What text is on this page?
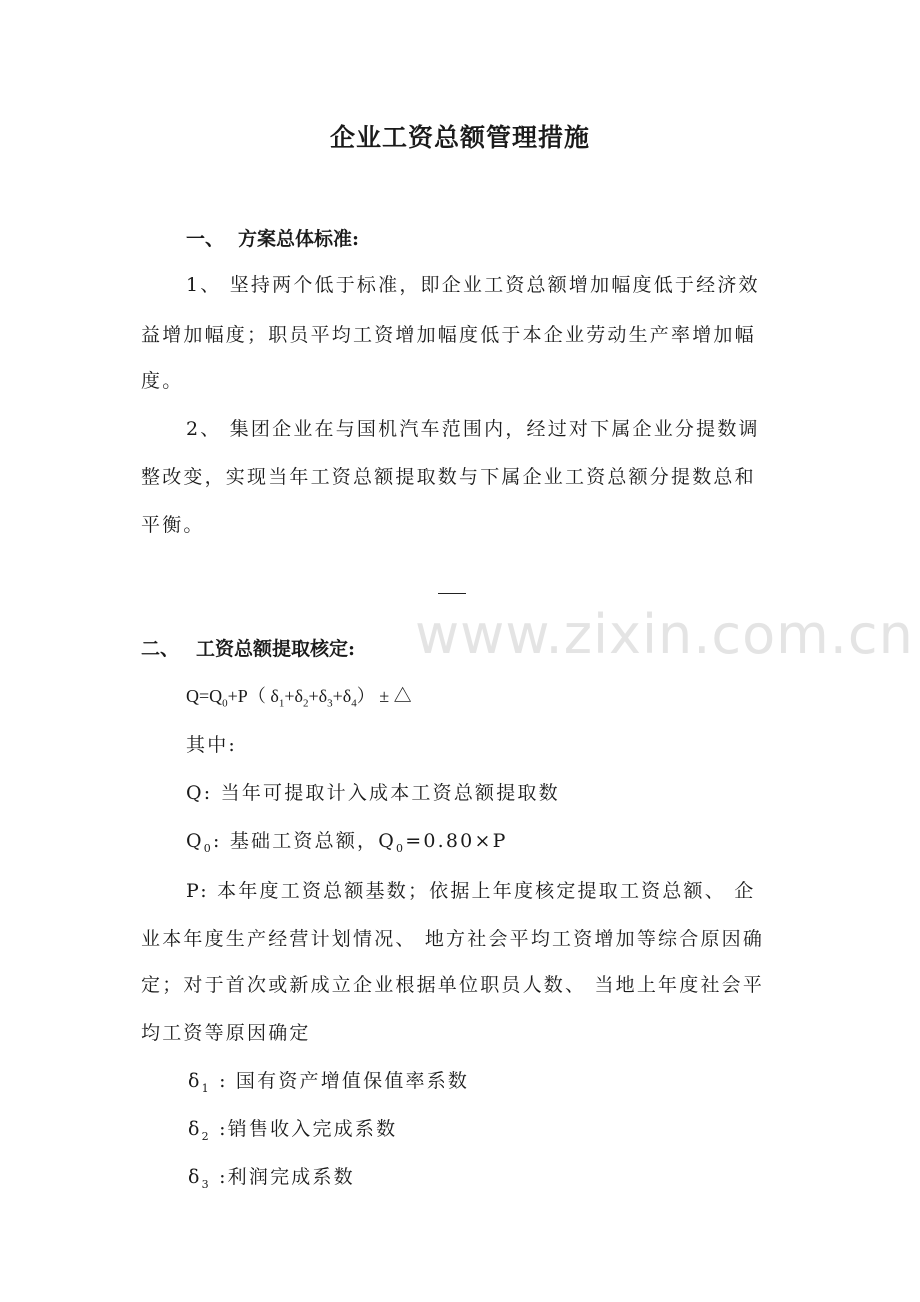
企业工资总额管理措施
一、 方案总体标准:
1、 坚持两个低于标准，即企业工资总额增加幅度低于经济效
益增加幅度；职员平均工资增加幅度低于本企业劳动生产率增加幅
度。
2、 集团企业在与国机汽车范围内，经过对下属企业分提数调
整改变，实现当年工资总额提取数与下属企业工资总额分提数总和
平衡。
www.zixin.com.cn
二、 工资总额提取核定:
$Q=Q_0+P$（ $\delta_1+\delta_2+\delta_3+\delta_4$） ± △
其中:
Q: 当年可提取计入成本工资总额提取数
$Q_0$: 基础工资总额，$Q_0=0.80\times P$
P: 本年度工资总额基数；依据上年度核定提取工资总额、 企
业本年度生产经营计划情况、 地方社会平均工资增加等综合原因确
定；对于首次或新成立企业根据单位职员人数、 当地上年度社会平
均工资等原因确定
$\delta_1$ : 国有资产增值保值率系数
$\delta_2$ :销售收入完成系数
$\delta_3$ :利润完成系数
